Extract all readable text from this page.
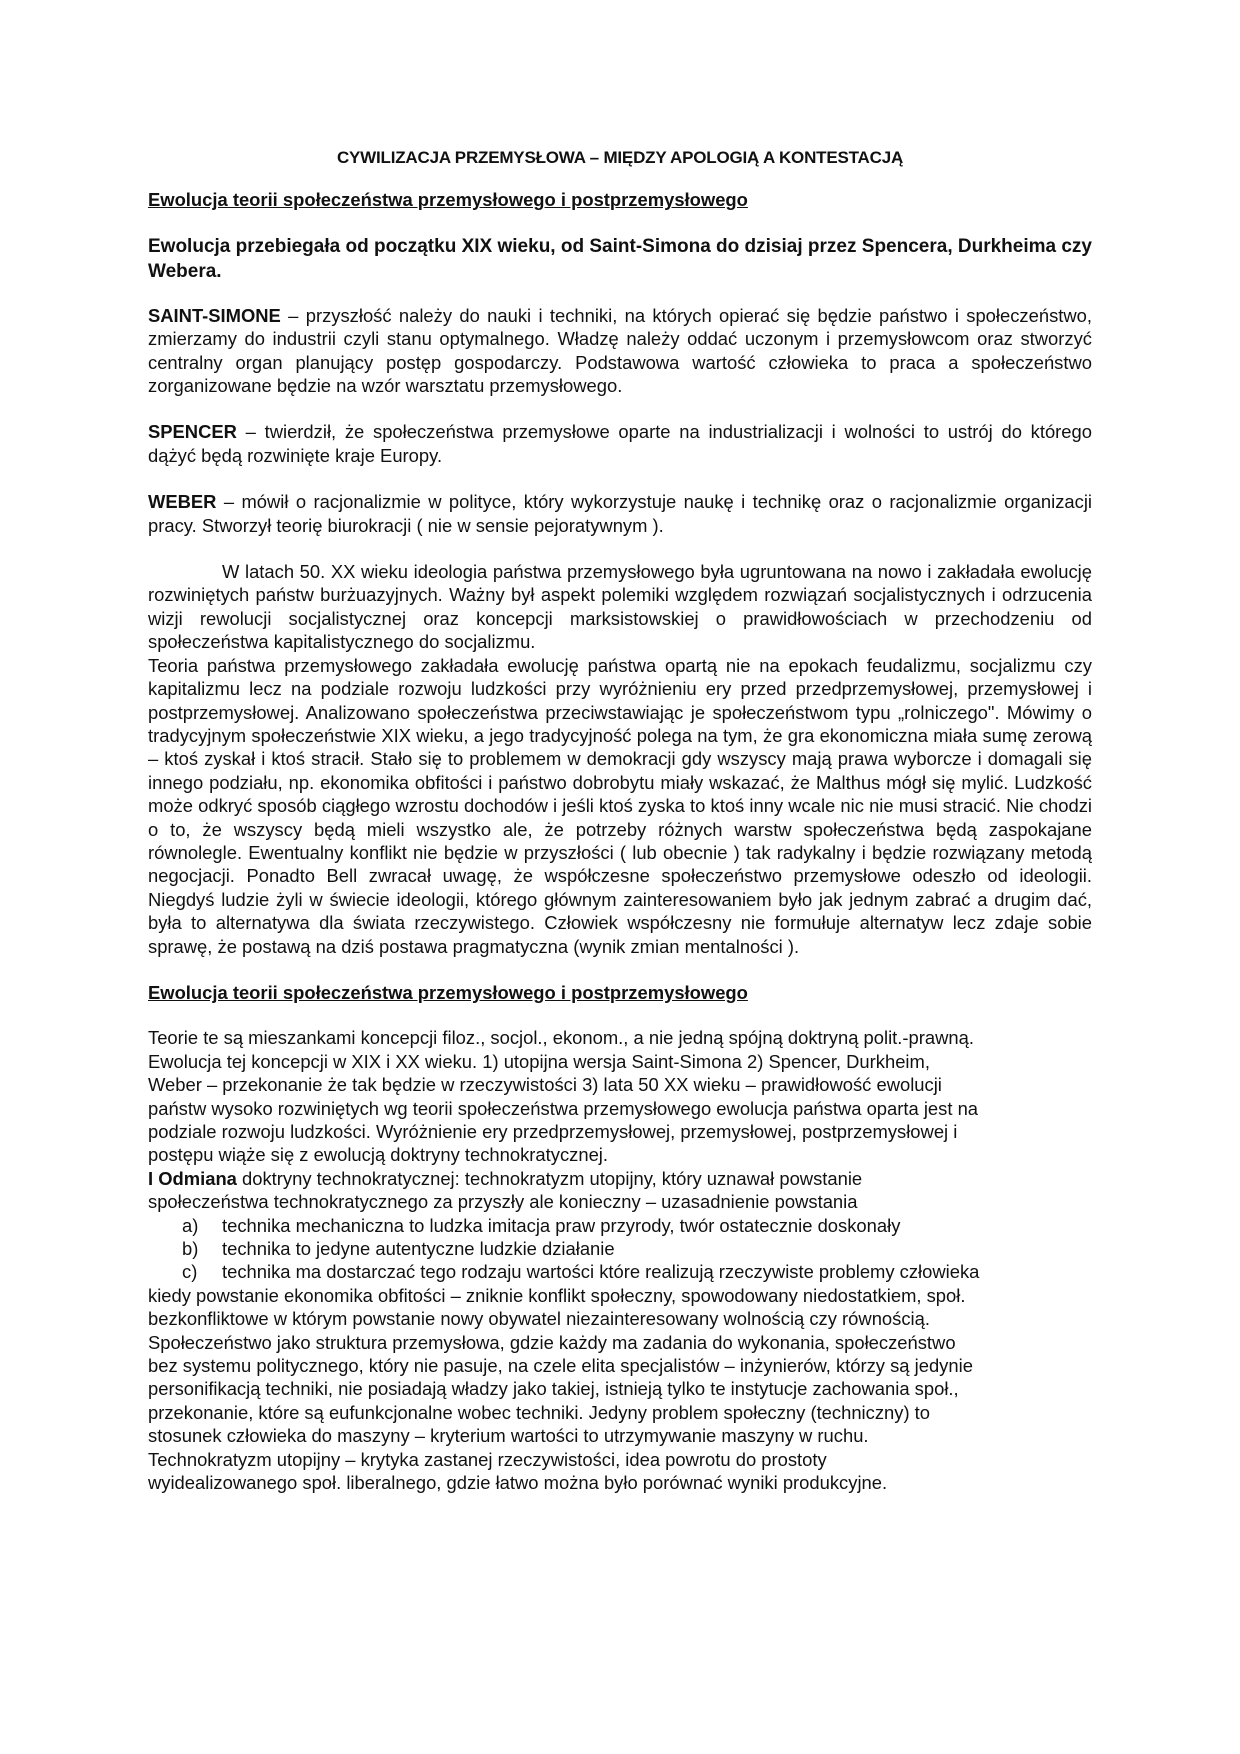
CYWILIZACJA PRZEMYSŁOWA – MIĘDZY APOLOGIĄ A KONTESTACJĄ

Ewolucja teorii społeczeństwa przemysłowego i postprzemysłowego

Ewolucja przebiegała od początku XIX wieku, od Saint-Simona do dzisiaj przez Spencera, Durkheima czy Webera.

SAINT-SIMONE – przyszłość należy do nauki i techniki, na których opierać się będzie państwo i społeczeństwo, zmierzamy do industrii czyli stanu optymalnego. Władzę należy oddać uczonym i przemysłowcom oraz stworzyć centralny organ planujący postęp gospodarczy. Podstawowa wartość człowieka to praca a społeczeństwo zorganizowane będzie na wzór warsztatu przemysłowego.

SPENCER – twierdził, że społeczeństwa przemysłowe oparte na industrializacji i wolności to ustrój do którego dążyć będą rozwinięte kraje Europy.

WEBER – mówił o racjonalizmie w polityce, który wykorzystuje naukę i technikę oraz o racjonalizmie organizacji pracy. Stworzył teorię biurokracji ( nie w sensie pejoratywnym ).

W latach 50. XX wieku ideologia państwa przemysłowego była ugruntowana na nowo i zakładała ewolucję rozwiniętych państw burżuazyjnych. Ważny był aspekt polemiki względem rozwiązań socjalistycznych i odrzucenia wizji rewolucji socjalistycznej oraz koncepcji marksistowskiej o prawidłowościach w przechodzeniu od społeczeństwa kapitalistycznego do socjalizmu.

Teoria państwa przemysłowego zakładała ewolucję państwa opartą nie na epokach feudalizmu, socjalizmu czy kapitalizmu lecz na podziale rozwoju ludzkości przy wyróżnieniu ery przed przedprzemysłowej, przemysłowej i postprzemysłowej. Analizowano społeczeństwa przeciwstawiając je społeczeństwom typu „rolniczego". Mówimy o tradycyjnym społeczeństwie XIX wieku, a jego tradycyjność polega na tym, że gra ekonomiczna miała sumę zerową – ktoś zyskał i ktoś stracił. Stało się to problemem w demokracji gdy wszyscy mają prawa wyborcze i domagali się innego podziału, np. ekonomika obfitości i państwo dobrobytu miały wskazać, że Malthus mógł się mylić. Ludzkość może odkryć sposób ciągłego wzrostu dochodów i jeśli ktoś zyska to ktoś inny wcale nic nie musi stracić. Nie chodzi o to, że wszyscy będą mieli wszystko ale, że potrzeby różnych warstw społeczeństwa będą zaspokajane równolegle. Ewentualny konflikt nie będzie w przyszłości ( lub obecnie ) tak radykalny i będzie rozwiązany metodą negocjacji. Ponadto Bell zwracał uwagę, że współczesne społeczeństwo przemysłowe odeszło od ideologii. Niegdyś ludzie żyli w świecie ideologii, którego głównym zainteresowaniem było jak jednym zabrać a drugim dać, była to alternatywa dla świata rzeczywistego. Człowiek współczesny nie formułuje alternatyw lecz zdaje sobie sprawę, że postawą na dziś postawa pragmatyczna (wynik zmian mentalności ).

Ewolucja teorii społeczeństwa przemysłowego i postprzemysłowego

Teorie te są mieszankami koncepcji filoz., socjol., ekonom., a nie jedną spójną doktryną polit.-prawną.

Ewolucja tej koncepcji w XIX i XX wieku. 1) utopijna wersja Saint-Simona 2) Spencer, Durkheim,

Weber – przekonanie że tak będzie w rzeczywistości 3) lata 50 XX wieku – prawidłowość ewolucji

państw wysoko rozwiniętych wg teorii społeczeństwa przemysłowego ewolucja państwa oparta jest na

podziale rozwoju ludzkości. Wyróżnienie ery przedprzemysłowej, przemysłowej, postprzemysłowej i

postępu wiąże się z ewolucją doktryny technokratycznej.

I Odmiana doktryny technokratycznej: technokratyzm utopijny, który uznawał powstanie

społeczeństwa technokratycznego za przyszły ale konieczny – uzasadnienie powstania

a) technika mechaniczna to ludzka imitacja praw przyrody, twór ostatecznie doskonały
b) technika to jedyne autentyczne ludzkie działanie
c) technika ma dostarczać tego rodzaju wartości które realizują rzeczywiste problemy człowieka

kiedy powstanie ekonomika obfitości – zniknie konflikt społeczny, spowodowany niedostatkiem, społ.

bezkonfliktowe w którym powstanie nowy obywatel niezainteresowany wolnością czy równością.

Społeczeństwo jako struktura przemysłowa, gdzie każdy ma zadania do wykonania, społeczeństwo

bez systemu politycznego, który nie pasuje, na czele elita specjalistów – inżynierów, którzy są jedynie

personifikacją techniki, nie posiadają władzy jako takiej, istnieją tylko te instytucje zachowania społ.,

przekonanie, które są eufunkcjonalne wobec techniki. Jedyny problem społeczny (techniczny) to

stosunek człowieka do maszyny – kryterium wartości to utrzymywanie maszyny w ruchu.

Technokratyzm utopijny – krytyka zastanej rzeczywistości, idea powrotu do prostoty

wyidealizowanego społ. liberalnego, gdzie łatwo można było porównać wyniki produkcyjne.
